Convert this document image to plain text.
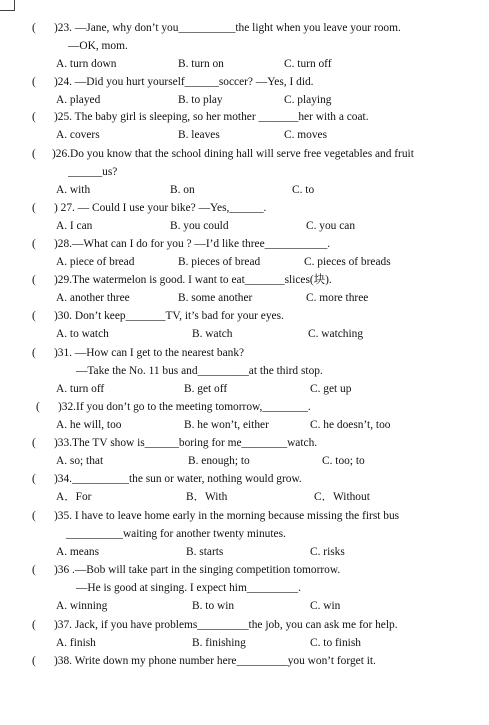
( )23. —Jane, why don’t you__________the light when you leave your room.
—OK, mom.
A. turn down	B. turn on	C. turn off
( )24. —Did you hurt yourself______soccer? —Yes, I did.
A. played	B. to play	C. playing
( )25. The baby girl is sleeping, so her mother _______her with a coat.
A. covers	B. leaves	C. moves
( )26.Do you know that the school dining hall will serve free vegetables and fruit
______us?
A. with	B. on	C. to
( ) 27. — Could I use your bike? —Yes,______.
A. I can	B. you could	C. you can
( )28.—What can I do for you ? —I’d like three___________.
A. piece of bread	B. pieces of bread	C. pieces of breads
( )29.The watermelon is good. I want to eat_______slices(块).
A. another three	B. some another	C. more three
( )30. Don’t keep_______TV, it’s bad for your eyes.
A. to watch	B. watch	C. watching
( )31. —How can I get to the nearest bank?
—Take the No. 11 bus and_________at the third stop.
A. turn off	B. get off	C. get up
( )32.If you don’t go to the meeting tomorrow,________.
A. he will, too	B. he won’t, either	C. he doesn’t, too
( )33.The TV show is______boring for me________watch.
A. so; that	B. enough; to	C. too; to
( )34.__________the sun or water, nothing would grow.
A．For	B．With	C．Without
( )35. I have to leave home early in the morning because missing the first bus
__________waiting for another twenty minutes.
A. means	B. starts	C. risks
( )36 .—Bob will take part in the singing competition tomorrow.
—He is good at singing. I expect him_________.
A. winning	B. to win	C. win
( )37. Jack, if you have problems_________the job, you can ask me for help.
A. finish	B. finishing	C. to finish
( )38. Write down my phone number here_________you won’t forget it.
